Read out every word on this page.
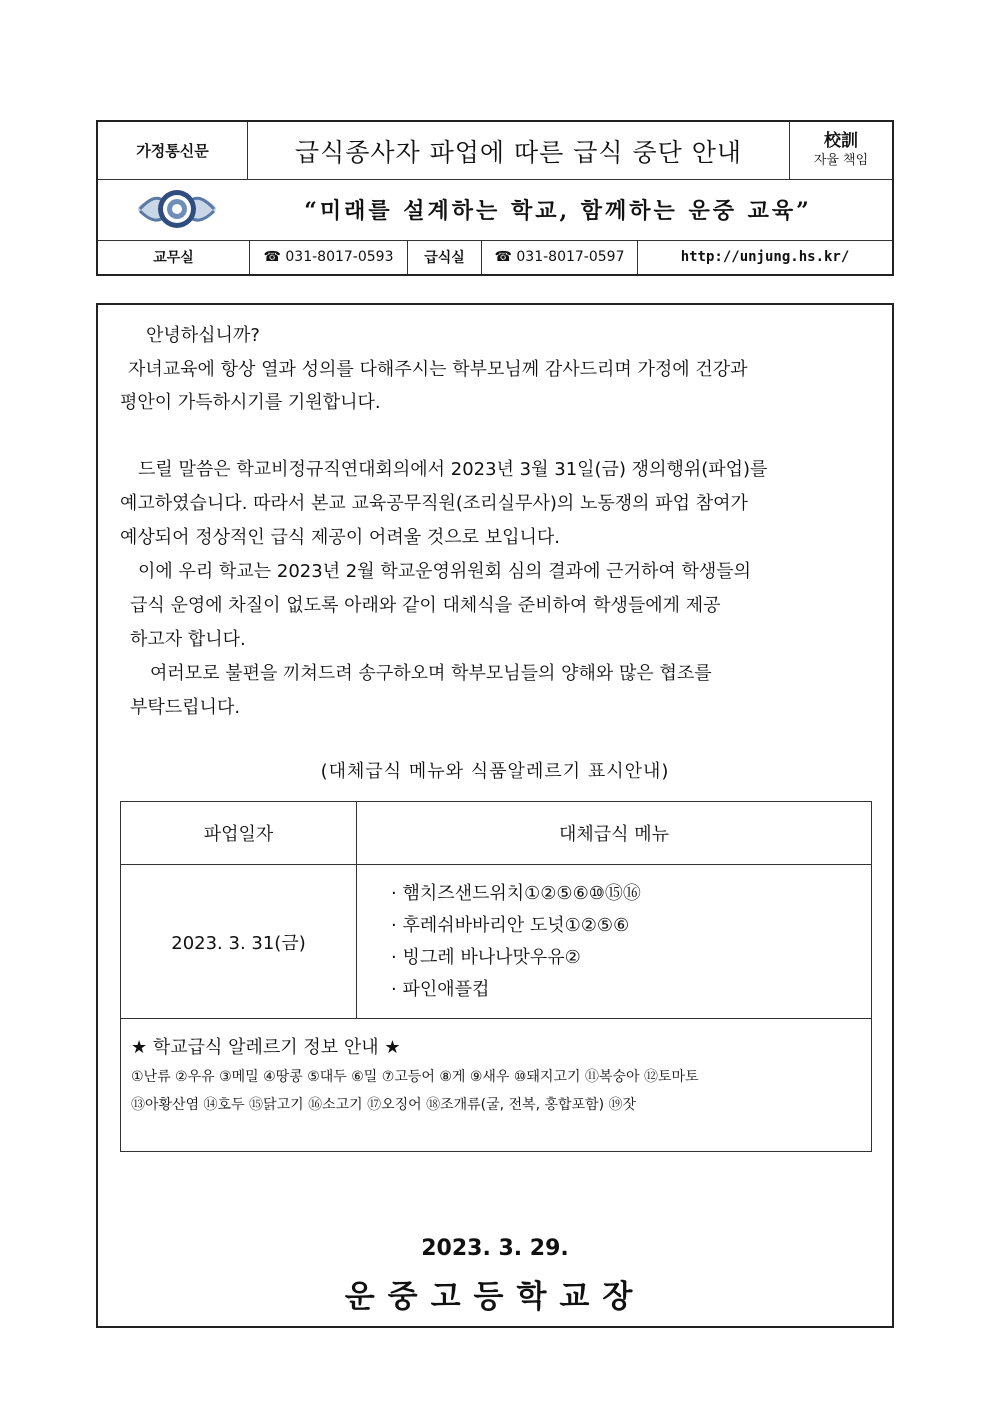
가정통신문	급식종사자 파업에 따른 급식 중단 안내	校訓
자율 책임
“미래를 설계하는 학교, 함께하는 운중 교육”
교무실	☎ 031-8017-0593	급식실	☎ 031-8017-0597	http://unjung.hs.kr/
안녕하십니까?
자녀교육에 항상 열과 성의를 다해주시는 학부모님께 감사드리며 가정에 건강과
평안이 가득하시기를 기원합니다.
드릴 말씀은 학교비정규직연대회의에서 2023년 3월 31일(금) 쟁의행위(파업)를
예고하였습니다. 따라서 본교 교육공무직원(조리실무사)의 노동쟁의 파업 참여가
예상되어 정상적인 급식 제공이 어려울 것으로 보입니다.
이에 우리 학교는 2023년 2월 학교운영위원회 심의 결과에 근거하여 학생들의
급식 운영에 차질이 없도록 아래와 같이 대체식을 준비하여 학생들에게 제공
하고자 합니다.
여러모로 불편을 끼쳐드려 송구하오며 학부모님들의 양해와 많은 협조를
부탁드립니다.
(대체급식 메뉴와 식품알레르기 표시안내)
파업일자	대체급식 메뉴
2023. 3. 31(금)	· 햄치즈샌드위치①②⑤⑥⑩⑮⑯
· 후레쉬바바리안 도넛①②⑤⑥
· 빙그레 바나나맛우유②
· 파인애플컵

★ 학교급식 알레르기 정보 안내 ★
①난류 ②우유 ③메밀 ④땅콩 ⑤대두 ⑥밀 ⑦고등어 ⑧게 ⑨새우 ⑩돼지고기 ⑪복숭아 ⑫토마토
⑬아황산염 ⑭호두 ⑮닭고기 ⑯소고기 ⑰오징어 ⑱조개류(굴, 전복, 홍합포함) ⑲잣	
2023. 3. 29.
운중고등학교장
